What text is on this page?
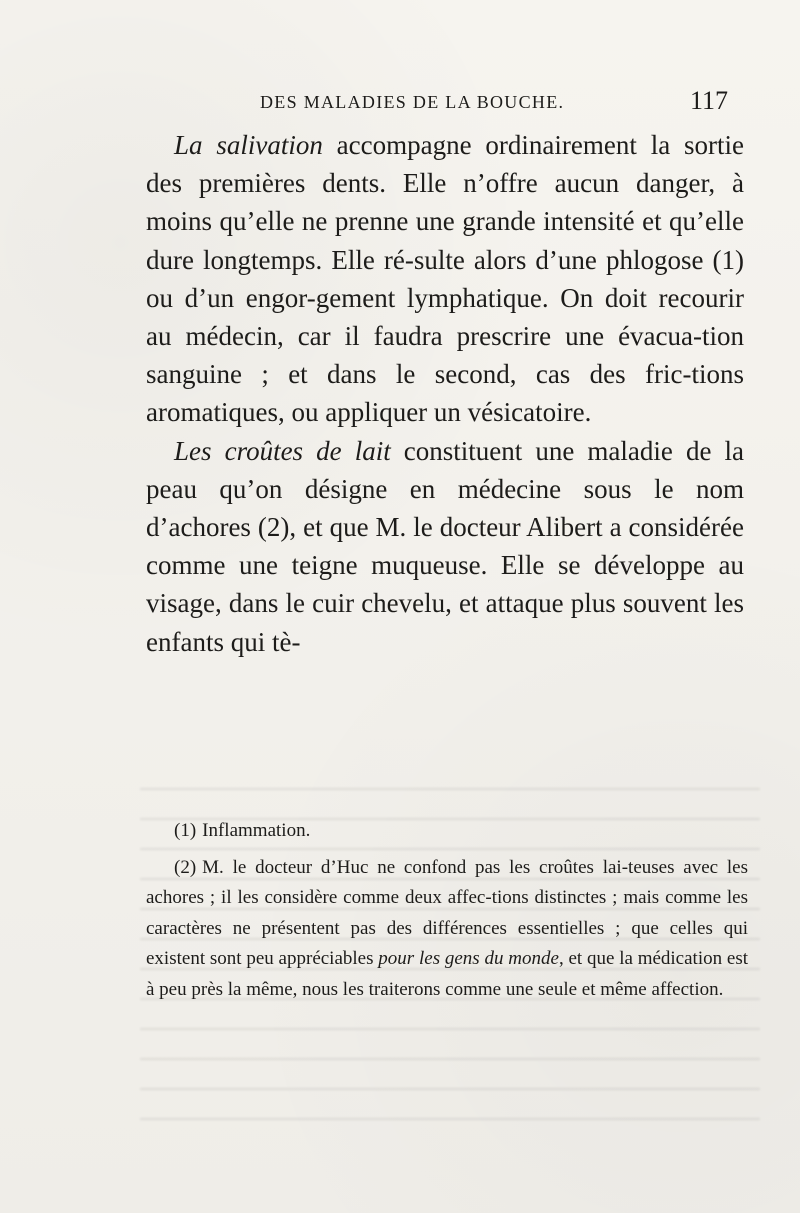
DES MALADIES DE LA BOUCHE.	117

La salivation accompagne ordinairement la sortie des premières dents. Elle n’offre aucun danger, à moins qu’elle ne prenne une grande intensité et qu’elle dure longtemps. Elle ré-sulte alors d’une phlogose (1) ou d’un engor-gement lymphatique. On doit recourir au médecin, car il faudra prescrire une évacua-tion sanguine ; et dans le second, cas des fric-tions aromatiques, ou appliquer un vésicatoire.

Les croûtes de lait constituent une maladie de la peau qu’on désigne en médecine sous le nom d’achores (2), et que M. le docteur Alibert a considérée comme une teigne muqueuse. Elle se développe au visage, dans le cuir chevelu, et attaque plus souvent les enfants qui tè-

(1) Inflammation.

(2) M. le docteur d’Huc ne confond pas les croûtes lai-teuses avec les achores ; il les considère comme deux affec-tions distinctes ; mais comme les caractères ne présentent pas des différences essentielles ; que celles qui existent sont peu appréciables pour les gens du monde, et que la médication est à peu près la même, nous les traiterons comme une seule et même affection.
